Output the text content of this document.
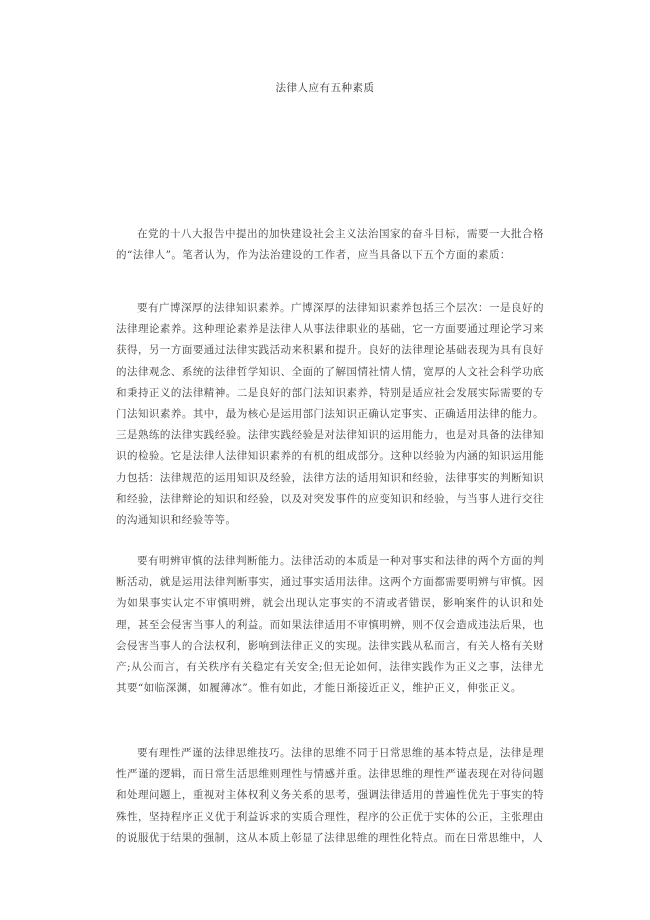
法律人应有五种素质

在党的十八大报告中提出的加快建设社会主义法治国家的奋斗目标，需要一大批合格的“法律人”。笔者认为，作为法治建设的工作者，应当具备以下五个方面的素质：

要有广博深厚的法律知识素养。广博深厚的法律知识素养包括三个层次：一是良好的法律理论素养。这种理论素养是法律人从事法律职业的基础，它一方面要通过理论学习来获得，另一方面要通过法律实践活动来积累和提升。良好的法律理论基础表现为具有良好的法律观念、系统的法律哲学知识、全面的了解国情社情人情，宽厚的人文社会科学功底和秉持正义的法律精神。二是良好的部门法知识素养，特别是适应社会发展实际需要的专门法知识素养。其中，最为核心是运用部门法知识正确认定事实、正确适用法律的能力。三是熟练的法律实践经验。法律实践经验是对法律知识的运用能力，也是对具备的法律知识的检验。它是法律人法律知识素养的有机的组成部分。这种以经验为内涵的知识运用能力包括：法律规范的运用知识及经验，法律方法的适用知识和经验，法律事实的判断知识和经验，法律辩论的知识和经验，以及对突发事件的应变知识和经验，与当事人进行交往的沟通知识和经验等等。

要有明辨审慎的法律判断能力。法律活动的本质是一种对事实和法律的两个方面的判断活动，就是运用法律判断事实，通过事实适用法律。这两个方面都需要明辨与审慎。因为如果事实认定不审慎明辨，就会出现认定事实的不清或者错误，影响案件的认识和处理，甚至会侵害当事人的利益。而如果法律适用不审慎明辨，则不仅会造成违法后果，也会侵害当事人的合法权利，影响到法律正义的实现。法律实践从私而言，有关人格有关财产;从公而言，有关秩序有关稳定有关安全;但无论如何，法律实践作为正义之事，法律尤其要“如临深渊，如履薄冰”。惟有如此，才能日渐接近正义，维护正义，伸张正义。

要有理性严谨的法律思维技巧。法律的思维不同于日常思维的基本特点是，法律是理性严谨的逻辑，而日常生活思维则理性与情感并重。法律思维的理性严谨表现在对待问题和处理问题上，重视对主体权利义务关系的思考，强调法律适用的普遍性优先于事实的特殊性，坚持程序正义优于利益诉求的实质合理性，程序的公正优于实体的公正，主张理由的说服优于结果的强制，这从本质上彰显了法律思维的理性化特点。而在日常思维中，人
